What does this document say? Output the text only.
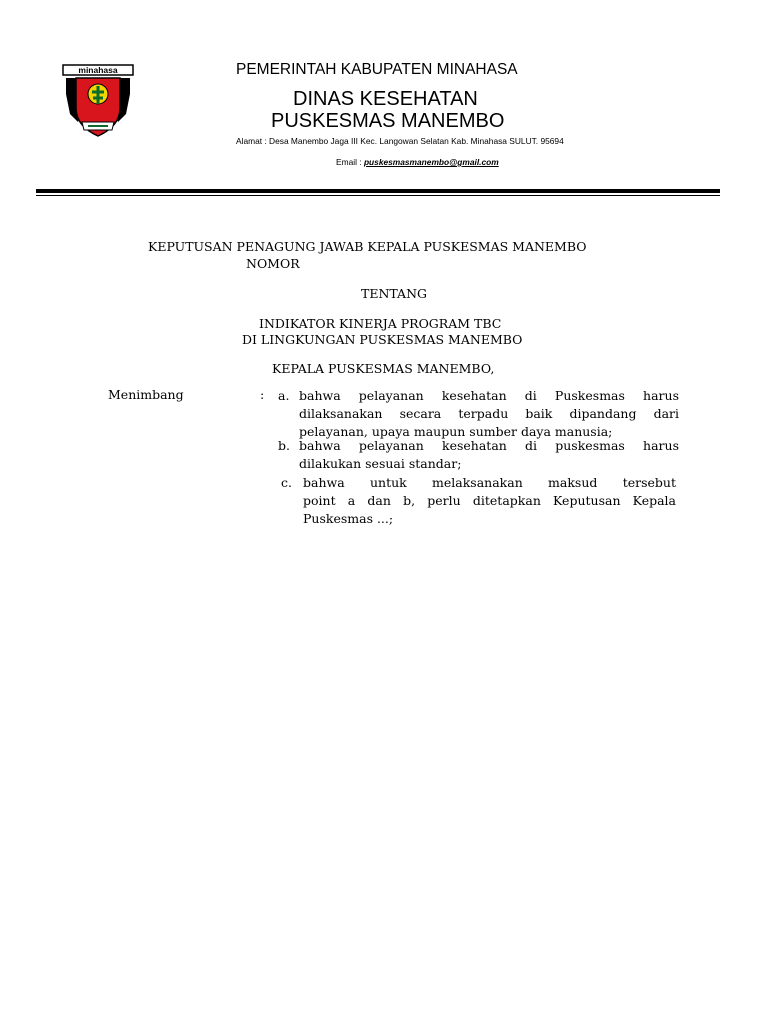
minahasa	PEMERINTAH KABUPATEN MINAHASA
DINAS KESEHATAN
PUSKESMAS MANEMBO
Alamat : Desa Manembo Jaga III Kec. Langowan Selatan Kab. Minahasa SULUT. 95694
Email : puskesmasmanembo@gmail.com
KEPUTUSAN PENAGUNG JAWAB KEPALA PUSKESMAS MANEMBO
NOMOR
TENTANG
INDIKATOR KINERJA PROGRAM TBC
DI LINGKUNGAN PUSKESMAS MANEMBO
KEPALA PUSKESMAS MANEMBO,
Menimbang	: a. bahwa pelayanan kesehatan di Puskesmas harus
dilaksanakan secara terpadu baik dipandang dari
pelayanan, upaya maupun sumber daya manusia;
b. bahwa pelayanan kesehatan di puskesmas harus
dilakukan sesuai standar;
c. bahwa untuk melaksanakan maksud tersebut
point a dan b, perlu ditetapkan Keputusan Kepala
Puskesmas ...;
